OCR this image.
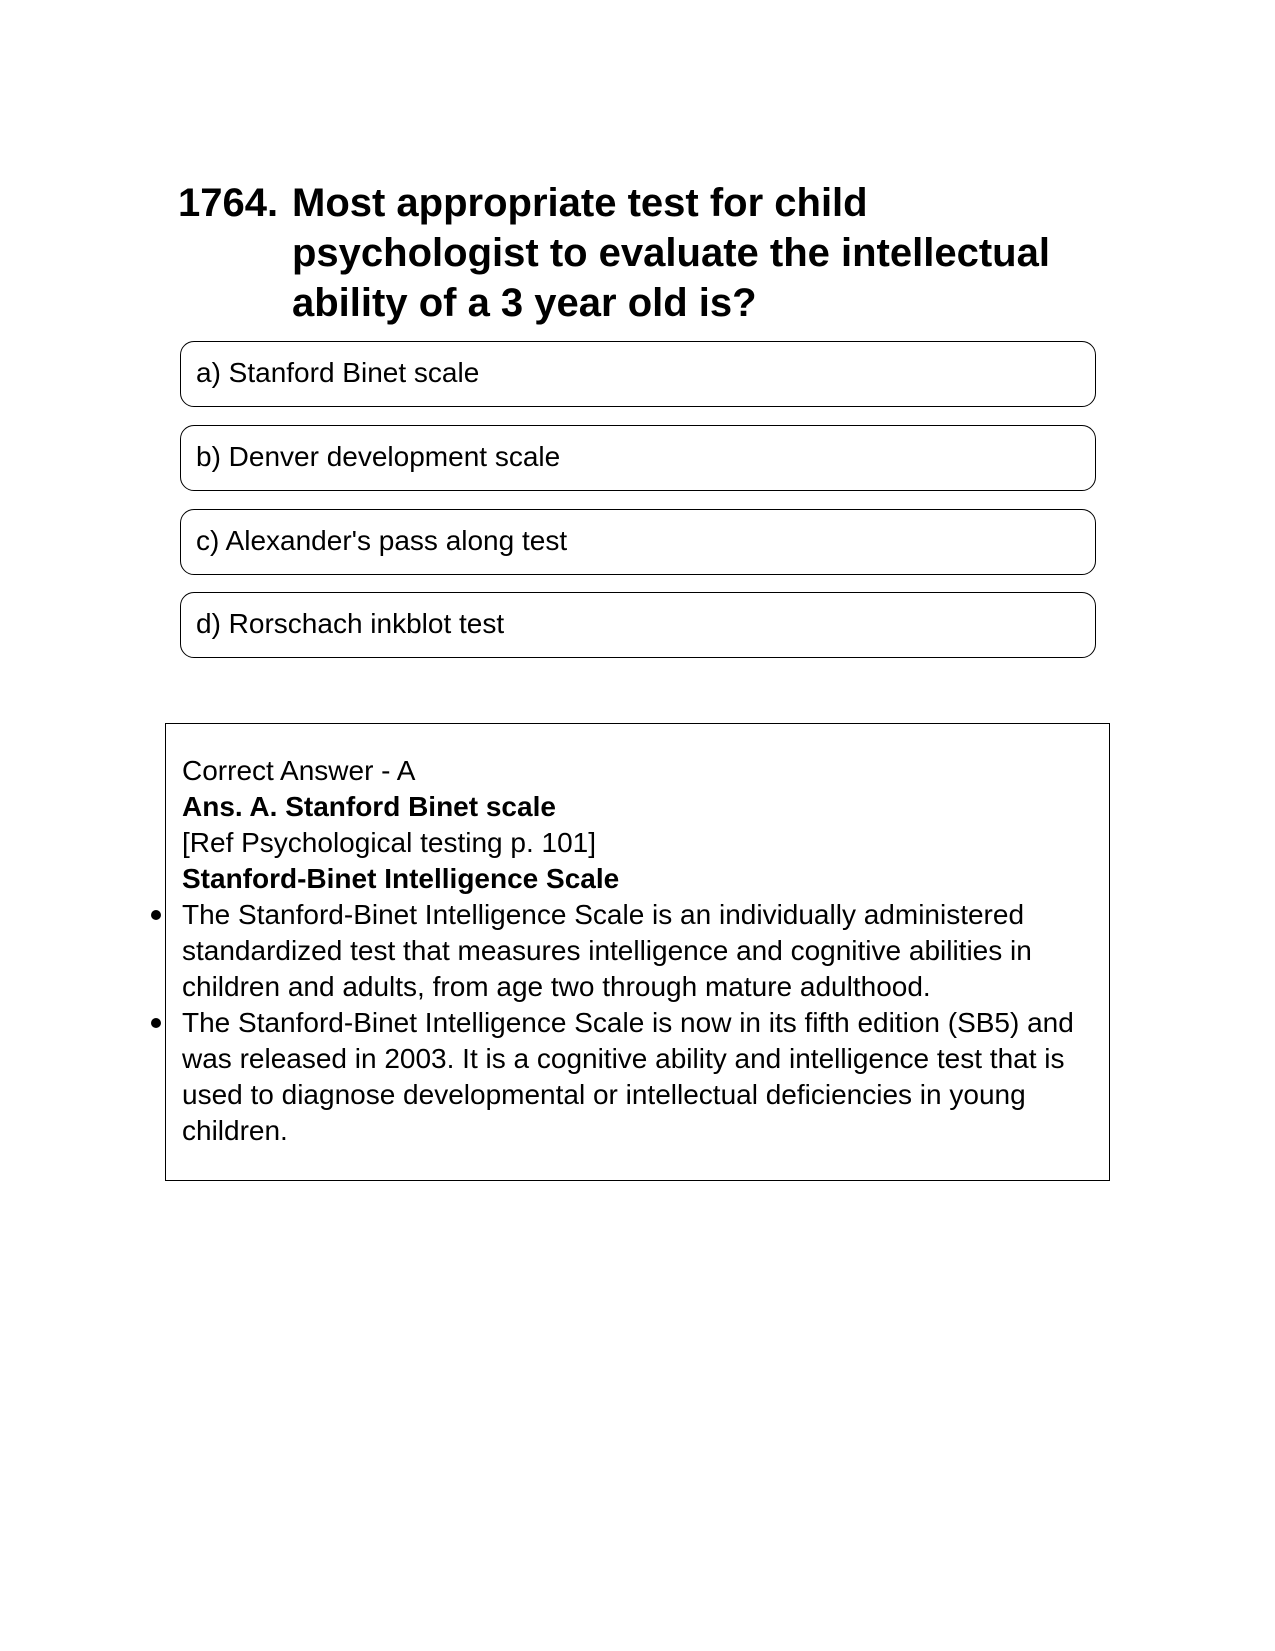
1764. Most appropriate test for child psychologist to evaluate the intellectual ability of a 3 year old is?
a) Stanford Binet scale
b) Denver development scale
c) Alexander's pass along test
d) Rorschach inkblot test
Correct Answer - A
Ans. A. Stanford Binet scale
[Ref Psychological testing p. 101]
Stanford-Binet Intelligence Scale
The Stanford-Binet Intelligence Scale is an individually administered standardized test that measures intelligence and cognitive abilities in children and adults, from age two through mature adulthood.
The Stanford-Binet Intelligence Scale is now in its fifth edition (SB5) and was released in 2003. It is a cognitive ability and intelligence test that is used to diagnose developmental or intellectual deficiencies in young children.
